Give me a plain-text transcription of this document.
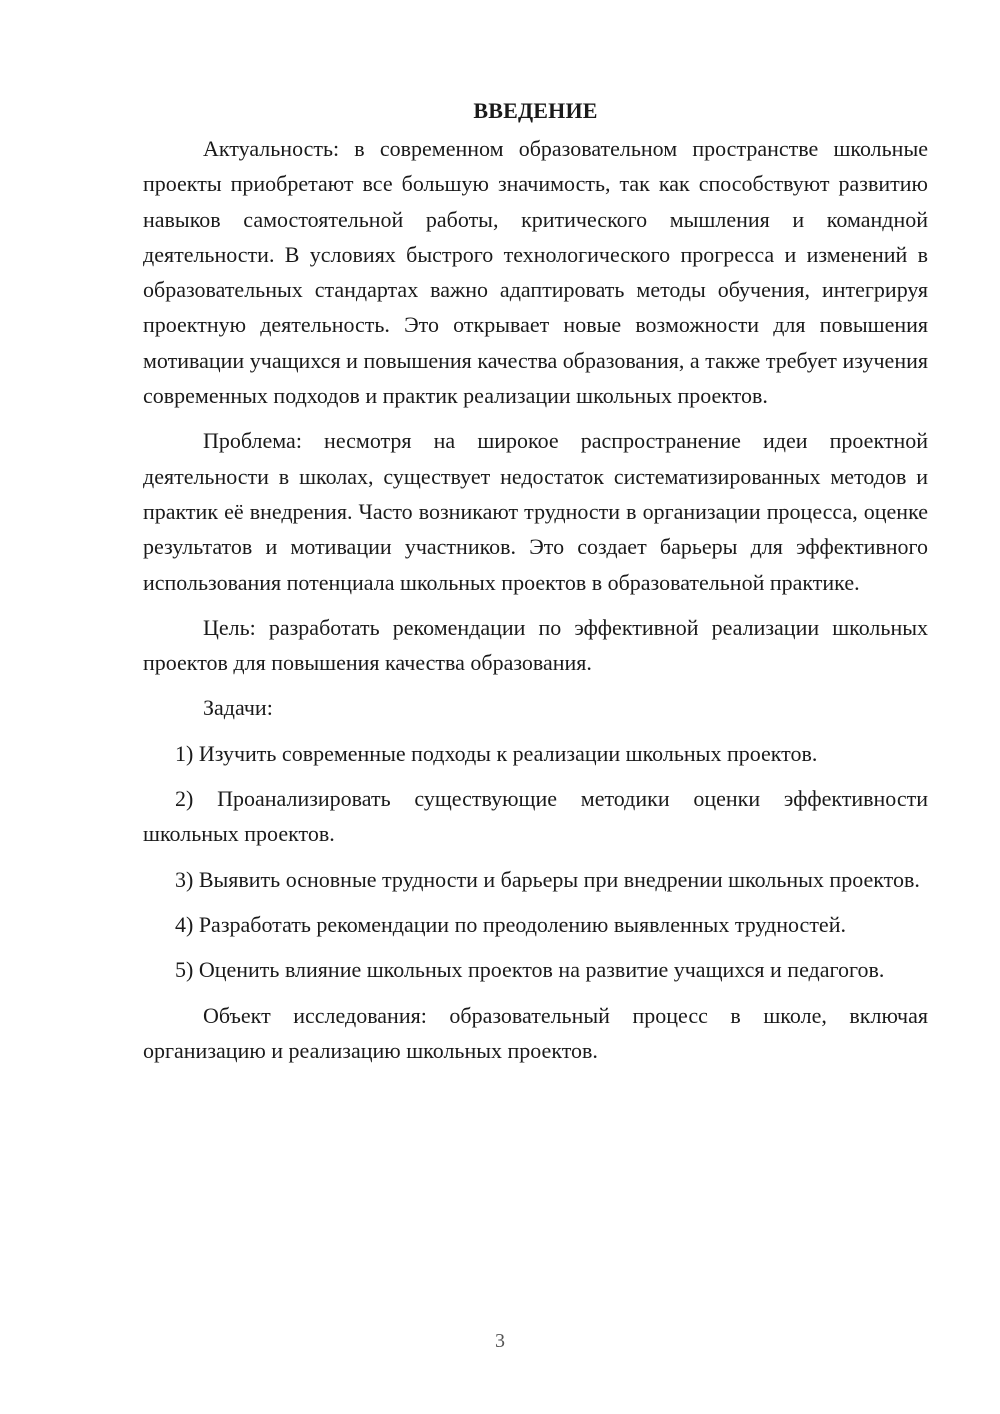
ВВЕДЕНИЕ

Актуальность: в современном образовательном пространстве школьные проекты приобретают все большую значимость, так как способствуют развитию навыков самостоятельной работы, критического мышления и командной деятельности. В условиях быстрого технологического прогресса и изменений в образовательных стандартах важно адаптировать методы обучения, интегрируя проектную деятельность. Это открывает новые возможности для повышения мотивации учащихся и повышения качества образования, а также требует изучения современных подходов и практик реализации школьных проектов.

Проблема: несмотря на широкое распространение идеи проектной деятельности в школах, существует недостаток систематизированных методов и практик её внедрения. Часто возникают трудности в организации процесса, оценке результатов и мотивации участников. Это создает барьеры для эффективного использования потенциала школьных проектов в образовательной практике.

Цель: разработать рекомендации по эффективной реализации школьных проектов для повышения качества образования.

Задачи:

1) Изучить современные подходы к реализации школьных проектов.

2) Проанализировать существующие методики оценки эффективности школьных проектов.

3) Выявить основные трудности и барьеры при внедрении школьных проектов.

4) Разработать рекомендации по преодолению выявленных трудностей.

5) Оценить влияние школьных проектов на развитие учащихся и педагогов.

Объект исследования: образовательный процесс в школе, включая организацию и реализацию школьных проектов.

3
